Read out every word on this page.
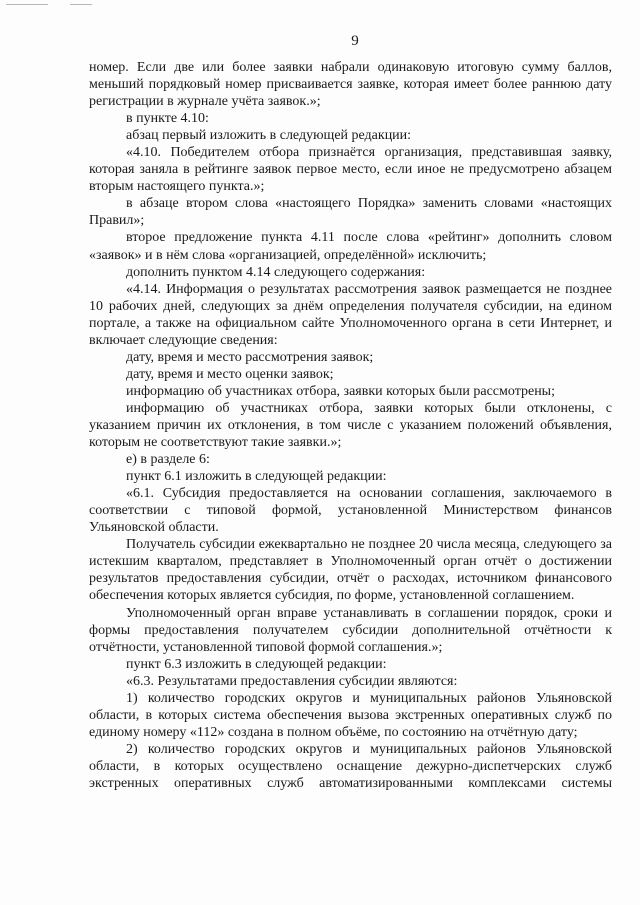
9

номер. Если две или более заявки набрали одинаковую итоговую сумму баллов, меньший порядковый номер присваивается заявке, которая имеет более раннюю дату регистрации в журнале учёта заявок.»;

в пункте 4.10:

абзац первый изложить в следующей редакции:

«4.10. Победителем отбора признаётся организация, представившая заявку, которая заняла в рейтинге заявок первое место, если иное не предусмотрено абзацем вторым настоящего пункта.»;

в абзаце втором слова «настоящего Порядка» заменить словами «настоящих Правил»;

второе предложение пункта 4.11 после слова «рейтинг» дополнить словом «заявок» и в нём слова «организацией, определённой» исключить;

дополнить пунктом 4.14 следующего содержания:

«4.14. Информация о результатах рассмотрения заявок размещается не позднее 10 рабочих дней, следующих за днём определения получателя субсидии, на едином портале, а также на официальном сайте Уполномоченного органа в сети Интернет, и включает следующие сведения:

дату, время и место рассмотрения заявок;

дату, время и место оценки заявок;

информацию об участниках отбора, заявки которых были рассмотрены;

информацию об участниках отбора, заявки которых были отклонены, с указанием причин их отклонения, в том числе с указанием положений объявления, которым не соответствуют такие заявки.»;

е) в разделе 6:

пункт 6.1 изложить в следующей редакции:

«6.1. Субсидия предоставляется на основании соглашения, заключаемого в соответствии с типовой формой, установленной Министерством финансов Ульяновской области.

Получатель субсидии ежеквартально не позднее 20 числа месяца, следующего за истекшим кварталом, представляет в Уполномоченный орган отчёт о достижении результатов предоставления субсидии, отчёт о расходах, источником финансового обеспечения которых является субсидия, по форме, установленной соглашением.

Уполномоченный орган вправе устанавливать в соглашении порядок, сроки и формы предоставления получателем субсидии дополнительной отчётности к отчётности, установленной типовой формой соглашения.»;

пункт 6.3 изложить в следующей редакции:

«6.3. Результатами предоставления субсидии являются:

1) количество городских округов и муниципальных районов Ульяновской области, в которых система обеспечения вызова экстренных оперативных служб по единому номеру «112» создана в полном объёме, по состоянию на отчётную дату;

2) количество городских округов и муниципальных районов Ульяновской области, в которых осуществлено оснащение дежурно-диспетчерских служб экстренных оперативных служб автоматизированными комплексами системы
